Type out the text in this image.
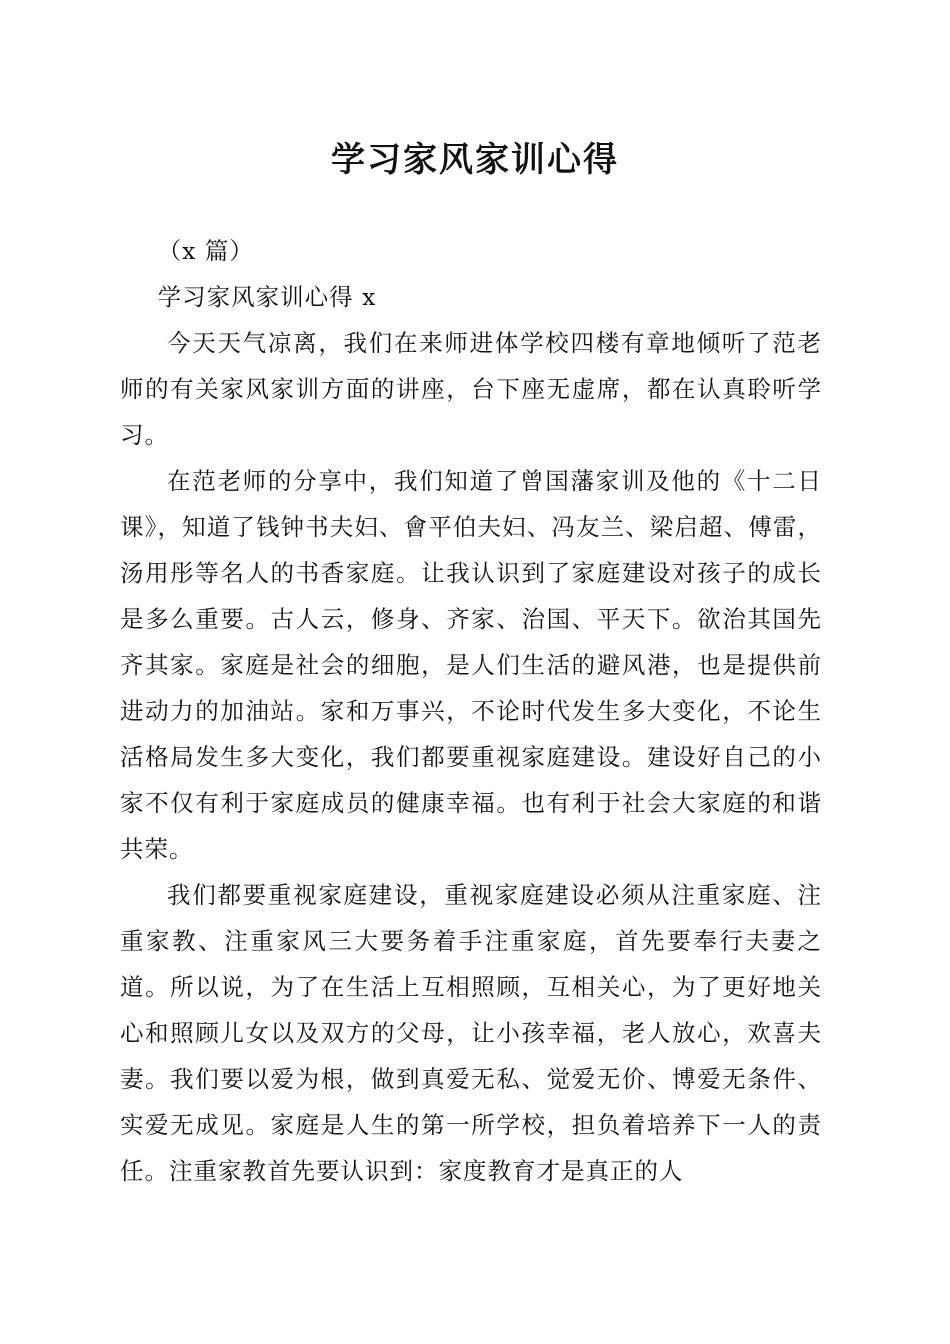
学习家风家训心得

（x 篇）

学习家风家训心得 x

今天天气凉离，我们在来师进体学校四楼有章地倾听了范老师的有关家风家训方面的讲座，台下座无虚席，都在认真聆听学习。

在范老师的分享中，我们知道了曾国藩家训及他的《十二日课》，知道了钱钟书夫妇、會平伯夫妇、冯友兰、梁启超、傅雷，汤用彤等名人的书香家庭。让我认识到了家庭建设对孩子的成长是多么重要。古人云，修身、齐家、治国、平天下。欲治其国先齐其家。家庭是社会的细胞，是人们生活的避风港，也是提供前进动力的加油站。家和万事兴，不论时代发生多大变化，不论生活格局发生多大变化，我们都要重视家庭建设。建设好自己的小家不仅有利于家庭成员的健康幸福。也有利于社会大家庭的和谐共荣。

我们都要重视家庭建设，重视家庭建设必须从注重家庭、注重家教、注重家风三大要务着手注重家庭，首先要奉行夫妻之道。所以说，为了在生活上互相照顾，互相关心，为了更好地关心和照顾儿女以及双方的父母，让小孩幸福，老人放心，欢喜夫妻。我们要以爱为根，做到真爱无私、觉爱无价、博爱无条件、实爱无成见。家庭是人生的第一所学校，担负着培养下一人的责任。注重家教首先要认识到：家度教育才是真正的人
